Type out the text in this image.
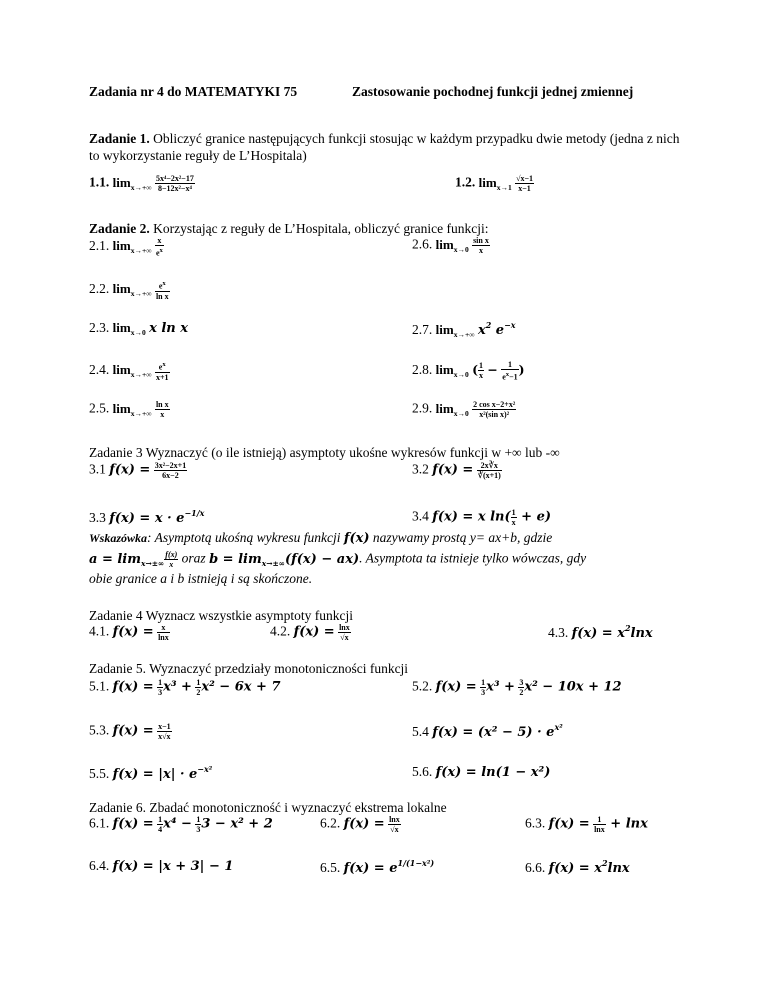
Zadania nr 4 do MATEMATYKI 75	Zastosowanie pochodnej funkcji jednej zmiennej
Zadanie 1. Obliczyć granice następujących funkcji stosując w każdym przypadku dwie metody (jedna z nich to wykorzystanie reguły de L’Hospitala)
1.1. $\lim_{x\to+\infty} \frac{\text{5x⁴−2x²−17}}{\text{8−12x²−x⁴}}$	1.2. $\lim_{x\to 1} \frac{√x-1}{x-1}$
Zadanie 2. Korzystając z reguły de L’Hospitala, obliczyć granice funkcji:
2.1. $\lim_{x\to+\infty} \frac{x}{e^x}$	2.6. $\lim_{x\to 0} \frac{\text{sin x}}{x}$
2.2. $\lim_{x\to+\infty} \frac{e^x}{\text{ln x}}$
2.3. $\lim_{x\to 0} x$ ln x	2.7. $\lim_{x\to+\infty} x^2$ $e^{-x}$
2.4. $\lim_{x\to+\infty} \frac{e^x}{x+1}$	2.8. $\lim_{x\to 0}$ ( $\frac{1}{x} - \frac{1}{e^x-1}$ )
2.5. $\lim_{x\to+\infty} \frac{\text{ln x}}{x}$	2.9. $\lim_{x\to 0} \frac{\text{2 cos x−2+x²}}{\text{x²(sin x)²}}$
Zadanie 3 Wyznaczyć (o ile istnieją) asymptoty ukośne wykresów funkcji w +∞ lub -∞
3.1 $f(x) = \frac{\text{3x²−2x+1}}{6x-2}$	3.2 $f(x) = \frac{2x∛x}{∛(x+1)}$
3.3 $f(x) = x \cdot e^{-1/x}$	3.4 f(x) = x $\ln( \frac{1}{x} + e)$
Wskazówka: Asymptotą ukośną wykresu funkcji f(x) nazywamy prostą y= ax+b, gdzie
$a = \lim_{x\to\pm\infty} \frac{f(x)}{x}$ oraz $b = \lim_{x\to\pm\infty}(f(x) - ax)$. Asymptota ta istnieje tylko wówczas, gdy
obie granice a i b istnieją i są skończone.
Zadanie 4 Wyznacz wszystkie asymptoty funkcji
4.1. $f(x) = \frac{x}{\ln x}$	4.2. $f(x) = \frac{\ln x}{√x}$	4.3. $f(x) = x^2\ln x$
Zadanie 5. Wyznaczyć przedziały monotoniczności funkcji
5.1. $f(x) = \frac{1}{3} x^3 + \frac{1}{2} x^2 - 6x + 7$	5.2. $f(x) = \frac{1}{3} x^3 + \frac{3}{2} x^2 - 10x + 12$
5.3. $f(x) = \frac{x-1}{x√x}$	5.4 $f(x) = (x^2 - 5) \cdot e^{x^2}$
5.5. $f(x) = |x| \cdot e^{-x^2}$	5.6. f(x) = ln(1 − x²)
Zadanie 6. Zbadać monotoniczność i wyznaczyć ekstrema lokalne
6.1. $f(x) = \frac{1}{4} x^4 - \frac{1}{3} 3 - x^2 + 2$	6.2. $f(x) = \frac{\ln x}{√x}$	6.3. $f(x) = \frac{1}{\ln x} + \ln x$
6.4. f(x) = |x + 3| − 1	6.5. $f(x) = e^{1/(1-x^2)}$	6.6. $f(x) = x^2\ln x$
